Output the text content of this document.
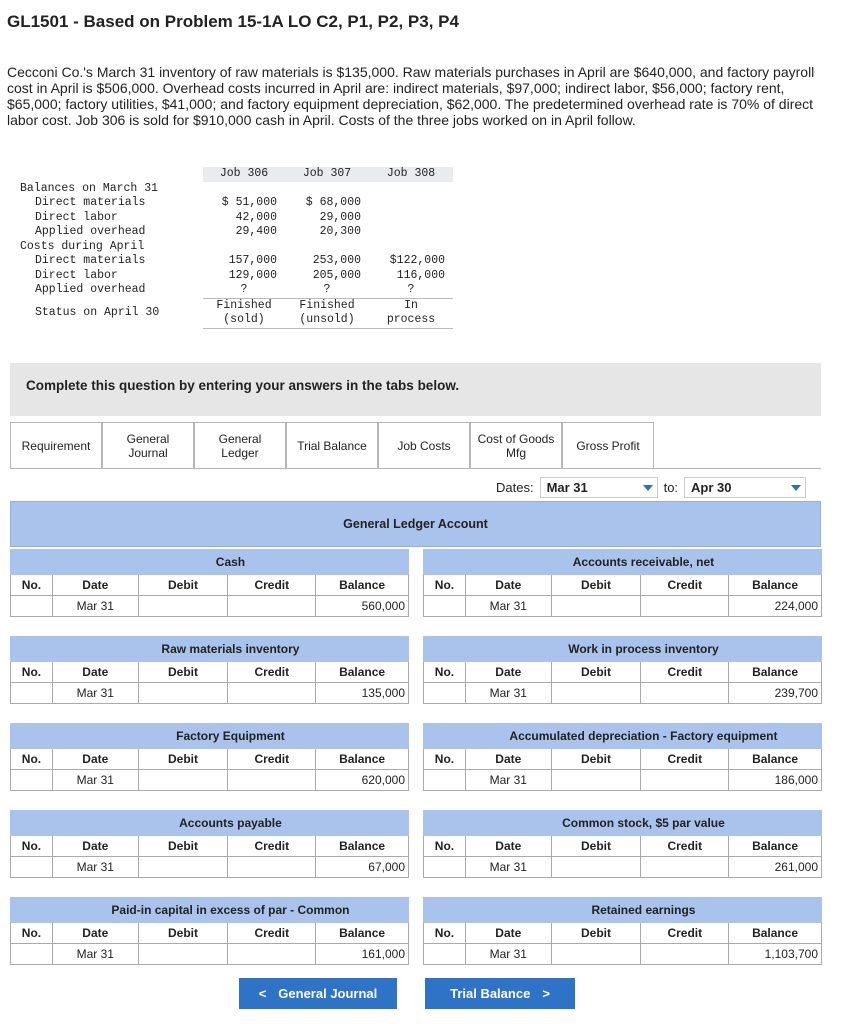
GL1501 - Based on Problem 15-1A LO C2, P1, P2, P3, P4

Cecconi Co.'s March 31 inventory of raw materials is $135,000. Raw materials purchases in April are $640,000, and factory payroll cost in April is $506,000. Overhead costs incurred in April are: indirect materials, $97,000; indirect labor, $56,000; factory rent, $65,000; factory utilities, $41,000; and factory equipment depreciation, $62,000. The predetermined overhead rate is 70% of direct labor cost. Job 306 is sold for $910,000 cash in April. Costs of the three jobs worked on in April follow.

	Job 306	Job 307	Job 308
Balances on March 31			
Direct materials	$ 51,000	$ 68,000	
Direct labor	42,000	29,000	
Applied overhead	29,400	20,300	
Costs during April			
Direct materials	157,000	253,000	$122,000
Direct labor	129,000	205,000	116,000
Applied overhead	?	?	?
Status on April 30	Finished	Finished	In
	(sold)	(unsold)	process
Complete this question by entering your answers in the tabs below.
Requirement	General
Journal
General
Ledger
Trial Balance	Job Costs	Cost of Goods
Mfg	Gross Profit
Dates: Mar 31	to: Apr 30
General Ledger Account
	Cash			
No.	Date	Debit	Credit	Balance
	Mar 31			560,000
	Accounts receivable, net			
No.	Date	Debit	Credit	Balance
	Mar 31			224,000
	Raw materials inventory			
No.	Date	Debit	Credit	Balance
	Mar 31			135,000
	Work in process inventory			
No.	Date	Debit	Credit	Balance
	Mar 31			239,700
	Factory Equipment			
No.	Date	Debit	Credit	Balance
	Mar 31			620,000
	Accumulated depreciation - Factory equipment			
No.	Date	Debit	Credit	Balance
	Mar 31			186,000
	Accounts payable			
No.	Date	Debit	Credit	Balance
	Mar 31			67,000
	Common stock, $5 par value			
No.	Date	Debit	Credit	Balance
	Mar 31			261,000
	Paid-in capital in excess of par - Common			
No.	Date	Debit	Credit	Balance
	Mar 31			161,000
	Retained earnings			
No.	Date	Debit	Credit	Balance
	Mar 31			1,103,700
< General Journal	Trial Balance >
